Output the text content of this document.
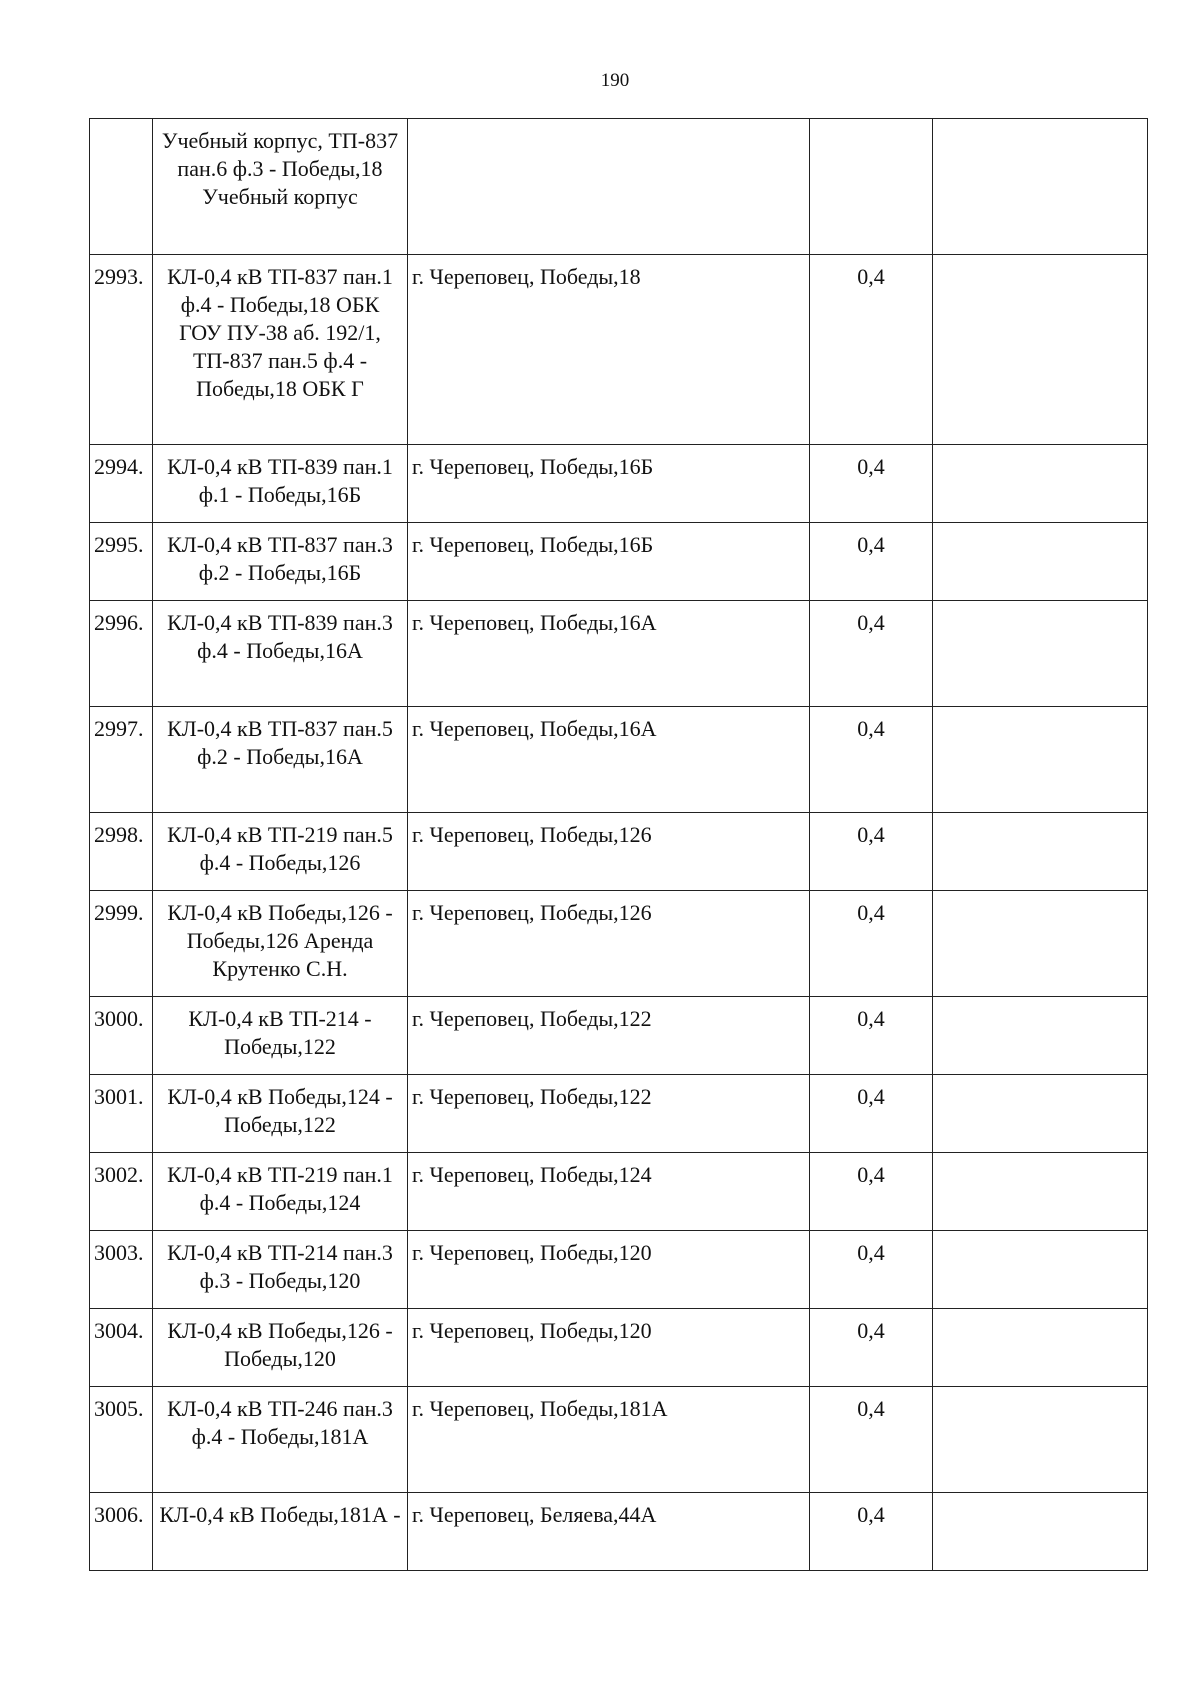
190
	Учебный корпус, ТП-837 пан.6 ф.3 - Победы,18 Учебный корпус			
2993.	КЛ-0,4 кВ ТП-837 пан.1 ф.4 - Победы,18 ОБК ГОУ ПУ-38 аб. 192/1, ТП-837 пан.5 ф.4 - Победы,18 ОБК Г	г. Череповец, Победы,18	0,4	
2994.	КЛ-0,4 кВ ТП-839 пан.1 ф.1 - Победы,16Б	г. Череповец, Победы,16Б	0,4	
2995.	КЛ-0,4 кВ ТП-837 пан.3 ф.2 - Победы,16Б	г. Череповец, Победы,16Б	0,4	
2996.	КЛ-0,4 кВ ТП-839 пан.3 ф.4 - Победы,16А	г. Череповец, Победы,16А	0,4	
2997.	КЛ-0,4 кВ ТП-837 пан.5 ф.2 - Победы,16А	г. Череповец, Победы,16А	0,4	
2998.	КЛ-0,4 кВ ТП-219 пан.5 ф.4 - Победы,126	г. Череповец, Победы,126	0,4	
2999.	КЛ-0,4 кВ Победы,126 - Победы,126 Аренда Крутенко С.Н.	г. Череповец, Победы,126	0,4	
3000.	КЛ-0,4 кВ ТП-214 - Победы,122	г. Череповец, Победы,122	0,4	
3001.	КЛ-0,4 кВ Победы,124 - Победы,122	г. Череповец, Победы,122	0,4	
3002.	КЛ-0,4 кВ ТП-219 пан.1 ф.4 - Победы,124	г. Череповец, Победы,124	0,4	
3003.	КЛ-0,4 кВ ТП-214 пан.3 ф.3 - Победы,120	г. Череповец, Победы,120	0,4	
3004.	КЛ-0,4 кВ Победы,126 - Победы,120	г. Череповец, Победы,120	0,4	
3005.	КЛ-0,4 кВ ТП-246 пан.3 ф.4 - Победы,181А	г. Череповец, Победы,181А	0,4	
3006.	КЛ-0,4 кВ Победы,181А -	г. Череповец, Беляева,44А	0,4	
